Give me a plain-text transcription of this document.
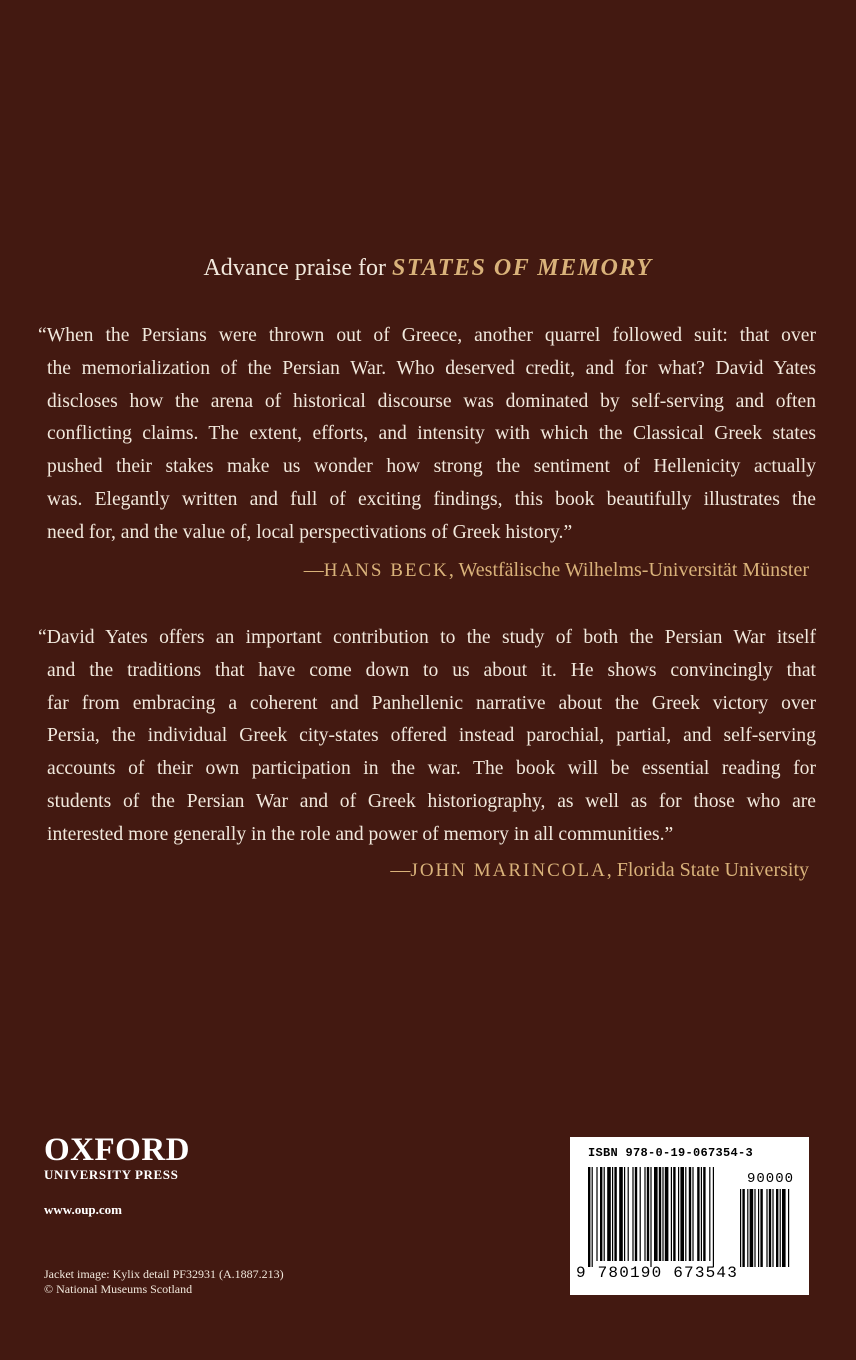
Advance praise for STATES OF MEMORY
“When the Persians were thrown out of Greece, another quarrel followed suit: that over
the memorialization of the Persian War. Who deserved credit, and for what? David Yates
discloses how the arena of historical discourse was dominated by self-serving and often
conflicting claims. The extent, efforts, and intensity with which the Classical Greek states
pushed their stakes make us wonder how strong the sentiment of Hellenicity actually
was. Elegantly written and full of exciting findings, this book beautifully illustrates the
need for, and the value of, local perspectivations of Greek history.”
—HANS BECK, Westfälische Wilhelms-Universität Münster
“David Yates offers an important contribution to the study of both the Persian War itself
and the traditions that have come down to us about it. He shows convincingly that
far from embracing a coherent and Panhellenic narrative about the Greek victory over
Persia, the individual Greek city-states offered instead parochial, partial, and self-serving
accounts of their own participation in the war. The book will be essential reading for
students of the Persian War and of Greek historiography, as well as for those who are
interested more generally in the role and power of memory in all communities.”
—JOHN MARINCOLA, Florida State University
OXFORD
UNIVERSITY PRESS
www.oup.com
Jacket image: Kylix detail PF32931 (A.1887.213)
© National Museums Scotland
ISBN 978-0-19-067354-3
90000
9 780190 673543
